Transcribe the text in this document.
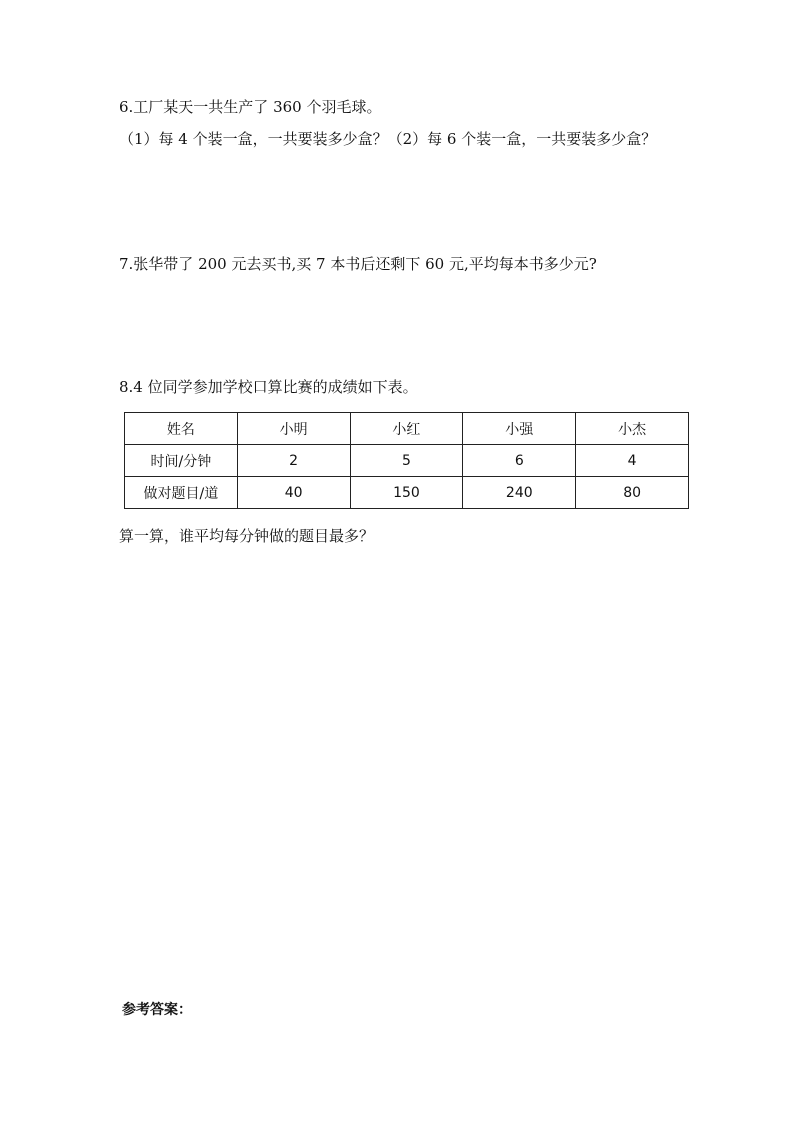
6.工厂某天一共生产了 360 个羽毛球。
（1）每 4 个装一盒，一共要装多少盒？（2）每 6 个装一盒，一共要装多少盒？
7.张华带了 200 元去买书,买 7 本书后还剩下 60 元,平均每本书多少元?
8.4 位同学参加学校口算比赛的成绩如下表。
姓名	小明	小红	小强	小杰
时间/分钟	2	5	6	4
做对题目/道	40	150	240	80
算一算，谁平均每分钟做的题目最多？
参考答案：
